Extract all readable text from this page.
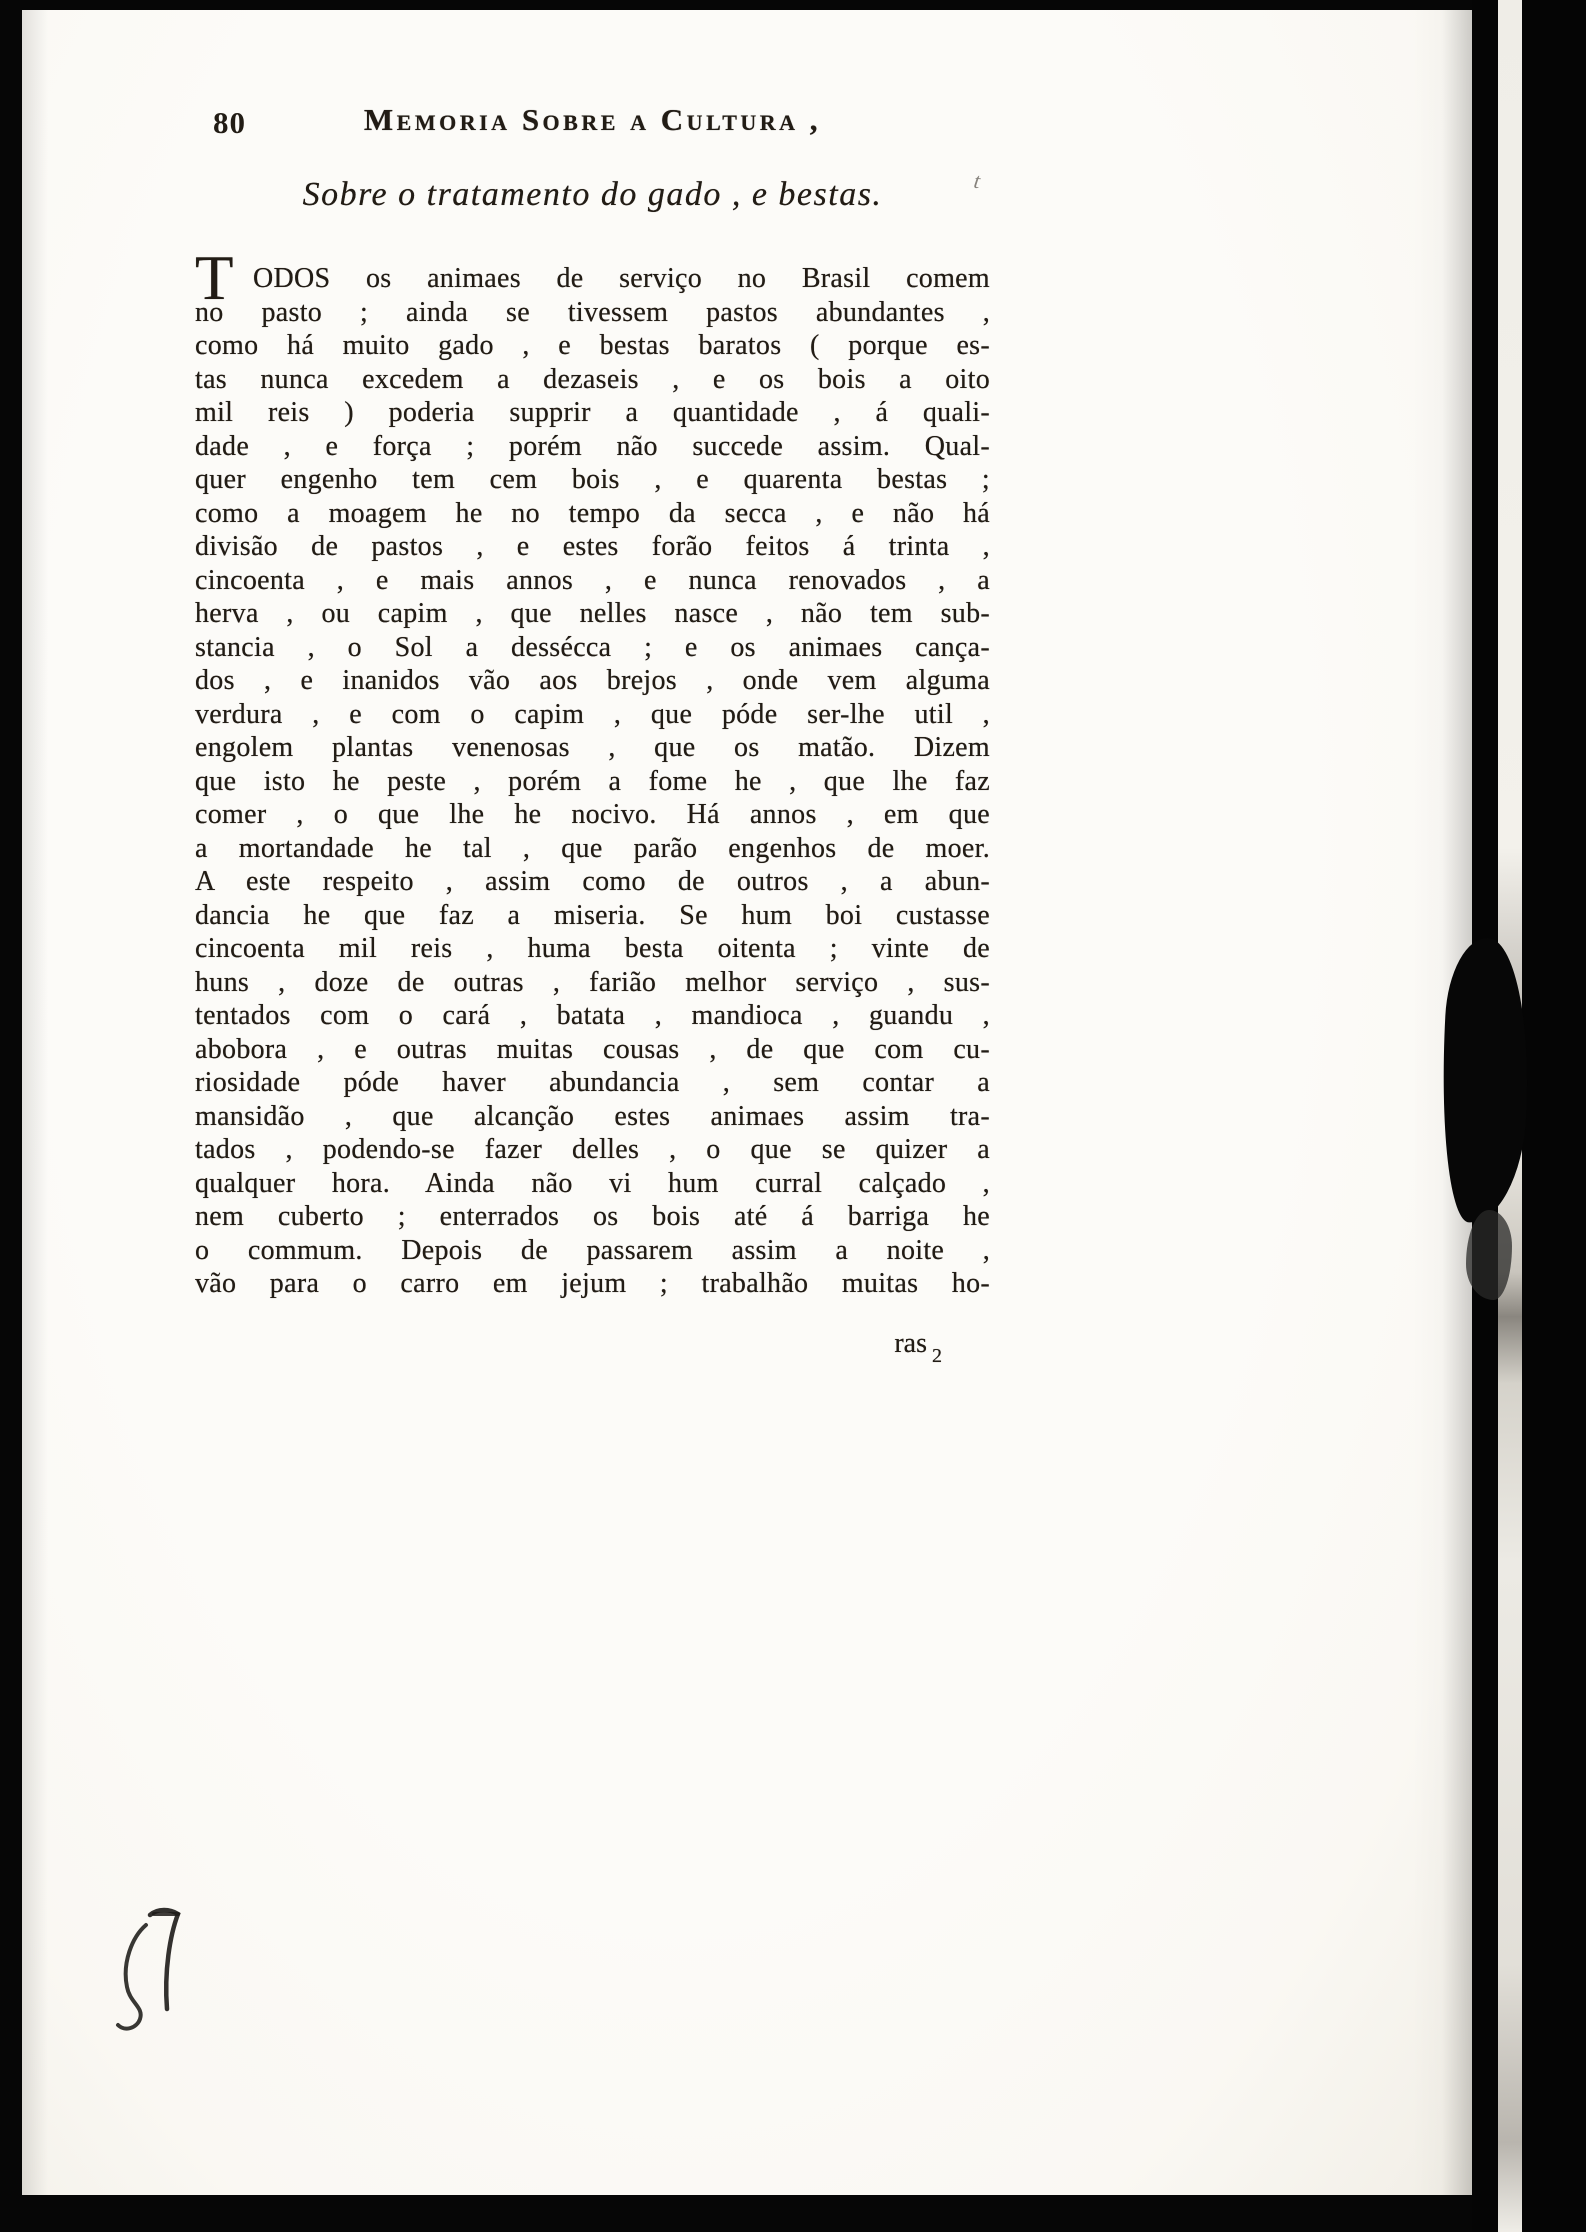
80	Memoria Sobre a Cultura ,
Sobre o tratamento do gado , e bestas.
T ODOS os animaes de serviço no Brasil comem
no pasto ; ainda se tivessem pastos abundantes ,
como há muito gado , e bestas baratos ( porque es-
tas nunca excedem a dezaseis , e os bois a oito
mil reis ) poderia supprir a quantidade , á quali-
dade , e força ; porém não succede assim. Qual-
quer engenho tem cem bois , e quarenta bestas ;
como a moagem he no tempo da secca , e não há
divisão de pastos , e estes forão feitos á trinta ,
cincoenta , e mais annos , e nunca renovados , a
herva , ou capim , que nelles nasce , não tem sub-
stancia , o Sol a dessécca ; e os animaes cança-
dos , e inanidos vão aos brejos , onde vem alguma
verdura , e com o capim , que póde ser-lhe util ,
engolem plantas venenosas , que os matão. Dizem
que isto he peste , porém a fome he , que lhe faz
comer , o que lhe he nocivo. Há annos , em que
a mortandade he tal , que parão engenhos de moer.
A este respeito , assim como de outros , a abun-
dancia he que faz a miseria. Se hum boi custasse
cincoenta mil reis , huma besta oitenta ; vinte de
huns , doze de outras , farião melhor serviço , sus-
tentados com o cará , batata , mandioca , guandu ,
abobora , e outras muitas cousas , de que com cu-
riosidade póde haver abundancia , sem contar a
mansidão , que alcanção estes animaes assim tra-
tados , podendo-se fazer delles , o que se quizer a
qualquer hora. Ainda não vi hum curral calçado ,
nem cuberto ; enterrados os bois até á barriga he
o commum. Depois de passarem assim a noite ,
vão para o carro em jejum ; trabalhão muitas ho-
ras $_2$
t
